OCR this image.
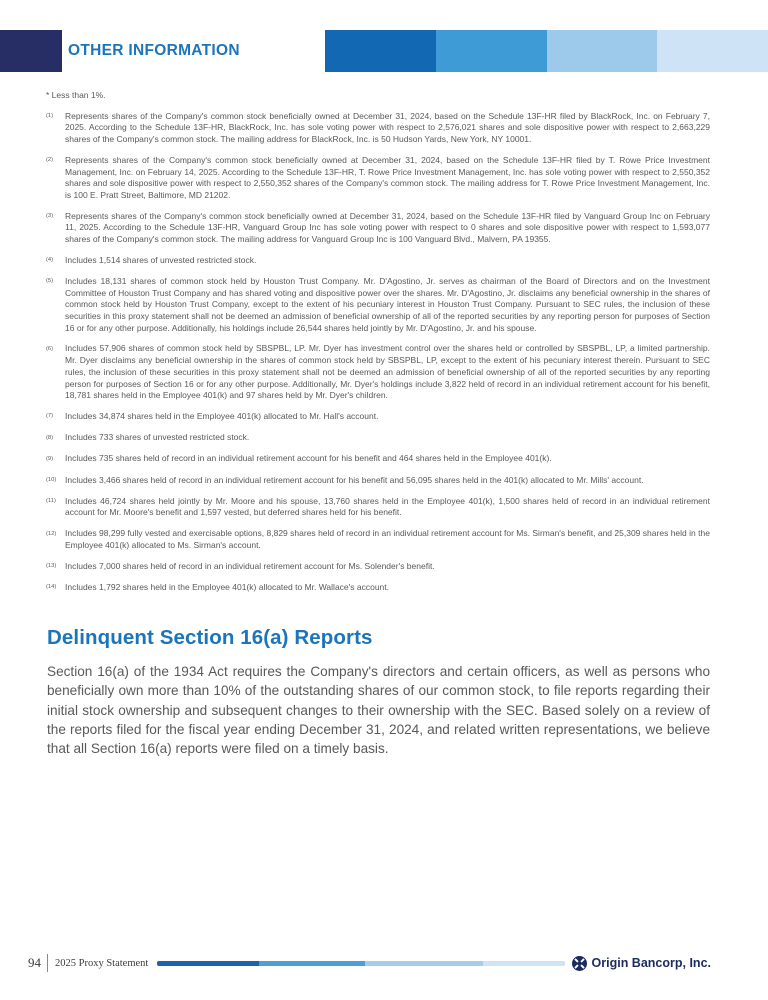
OTHER INFORMATION
* Less than 1%.
(1)	Represents shares of the Company's common stock beneficially owned at December 31, 2024, based on the Schedule 13F-HR filed by BlackRock, Inc. on February 7, 2025. According to the Schedule 13F-HR, BlackRock, Inc. has sole voting power with respect to 2,576,021 shares and sole dispositive power with respect to 2,663,229 shares of the Company's common stock. The mailing address for BlackRock, Inc. is 50 Hudson Yards, New York, NY 10001.
(2)	Represents shares of the Company's common stock beneficially owned at December 31, 2024, based on the Schedule 13F-HR filed by T. Rowe Price Investment Management, Inc. on February 14, 2025. According to the Schedule 13F-HR, T. Rowe Price Investment Management, Inc. has sole voting power with respect to 2,550,352 shares and sole dispositive power with respect to 2,550,352 shares of the Company's common stock. The mailing address for T. Rowe Price Investment Management, Inc. is 100 E. Pratt Street, Baltimore, MD 21202.
(3)	Represents shares of the Company's common stock beneficially owned at December 31, 2024, based on the Schedule 13F-HR filed by Vanguard Group Inc on February 11, 2025. According to the Schedule 13F-HR, Vanguard Group Inc has sole voting power with respect to 0 shares and sole dispositive power with respect to 1,593,077 shares of the Company's common stock. The mailing address for Vanguard Group Inc is 100 Vanguard Blvd., Malvern, PA 19355.
(4)	Includes 1,514 shares of unvested restricted stock.
(5)	Includes 18,131 shares of common stock held by Houston Trust Company. Mr. D'Agostino, Jr. serves as chairman of the Board of Directors and on the Investment Committee of Houston Trust Company and has shared voting and dispositive power over the shares. Mr. D'Agostino, Jr. disclaims any beneficial ownership in the shares of common stock held by Houston Trust Company, except to the extent of his pecuniary interest in Houston Trust Company. Pursuant to SEC rules, the inclusion of these securities in this proxy statement shall not be deemed an admission of beneficial ownership of all of the reported securities by any reporting person for purposes of Section 16 or for any other purpose. Additionally, his holdings include 26,544 shares held jointly by Mr. D'Agostino, Jr. and his spouse.
(6)	Includes 57,906 shares of common stock held by SBSPBL, LP. Mr. Dyer has investment control over the shares held or controlled by SBSPBL, LP, a limited partnership. Mr. Dyer disclaims any beneficial ownership in the shares of common stock held by SBSPBL, LP, except to the extent of his pecuniary interest therein. Pursuant to SEC rules, the inclusion of these securities in this proxy statement shall not be deemed an admission of beneficial ownership of all of the reported securities by any reporting person for purposes of Section 16 or for any other purpose. Additionally, Mr. Dyer's holdings include 3,822 held of record in an individual retirement account for his benefit, 18,781 shares held in the Employee 401(k) and 97 shares held by Mr. Dyer's children.
(7)	Includes 34,874 shares held in the Employee 401(k) allocated to Mr. Hall's account.
(8)	Includes 733 shares of unvested restricted stock.
(9)	Includes 735 shares held of record in an individual retirement account for his benefit and 464 shares held in the Employee 401(k).
(10)	Includes 3,466 shares held of record in an individual retirement account for his benefit and 56,095 shares held in the 401(k) allocated to Mr. Mills' account.
(11)	Includes 46,724 shares held jointly by Mr. Moore and his spouse, 13,760 shares held in the Employee 401(k), 1,500 shares held of record in an individual retirement account for Mr. Moore's benefit and 1,597 vested, but deferred shares held for his benefit.
(12)	Includes 98,299 fully vested and exercisable options, 8,829 shares held of record in an individual retirement account for Ms. Sirman's benefit, and 25,309 shares held in the Employee 401(k) allocated to Ms. Sirman's account.
(13)	Includes 7,000 shares held of record in an individual retirement account for Ms. Solender's benefit.
(14)	Includes 1,792 shares held in the Employee 401(k) allocated to Mr. Wallace's account.
Delinquent Section 16(a) Reports
Section 16(a) of the 1934 Act requires the Company's directors and certain officers, as well as persons who beneficially own more than 10% of the outstanding shares of our common stock, to file reports regarding their initial stock ownership and subsequent changes to their ownership with the SEC. Based solely on a review of the reports filed for the fiscal year ending December 31, 2024, and related written representations, we believe that all Section 16(a) reports were filed on a timely basis.
94 2025 Proxy Statement	Origin Bancorp, Inc.
